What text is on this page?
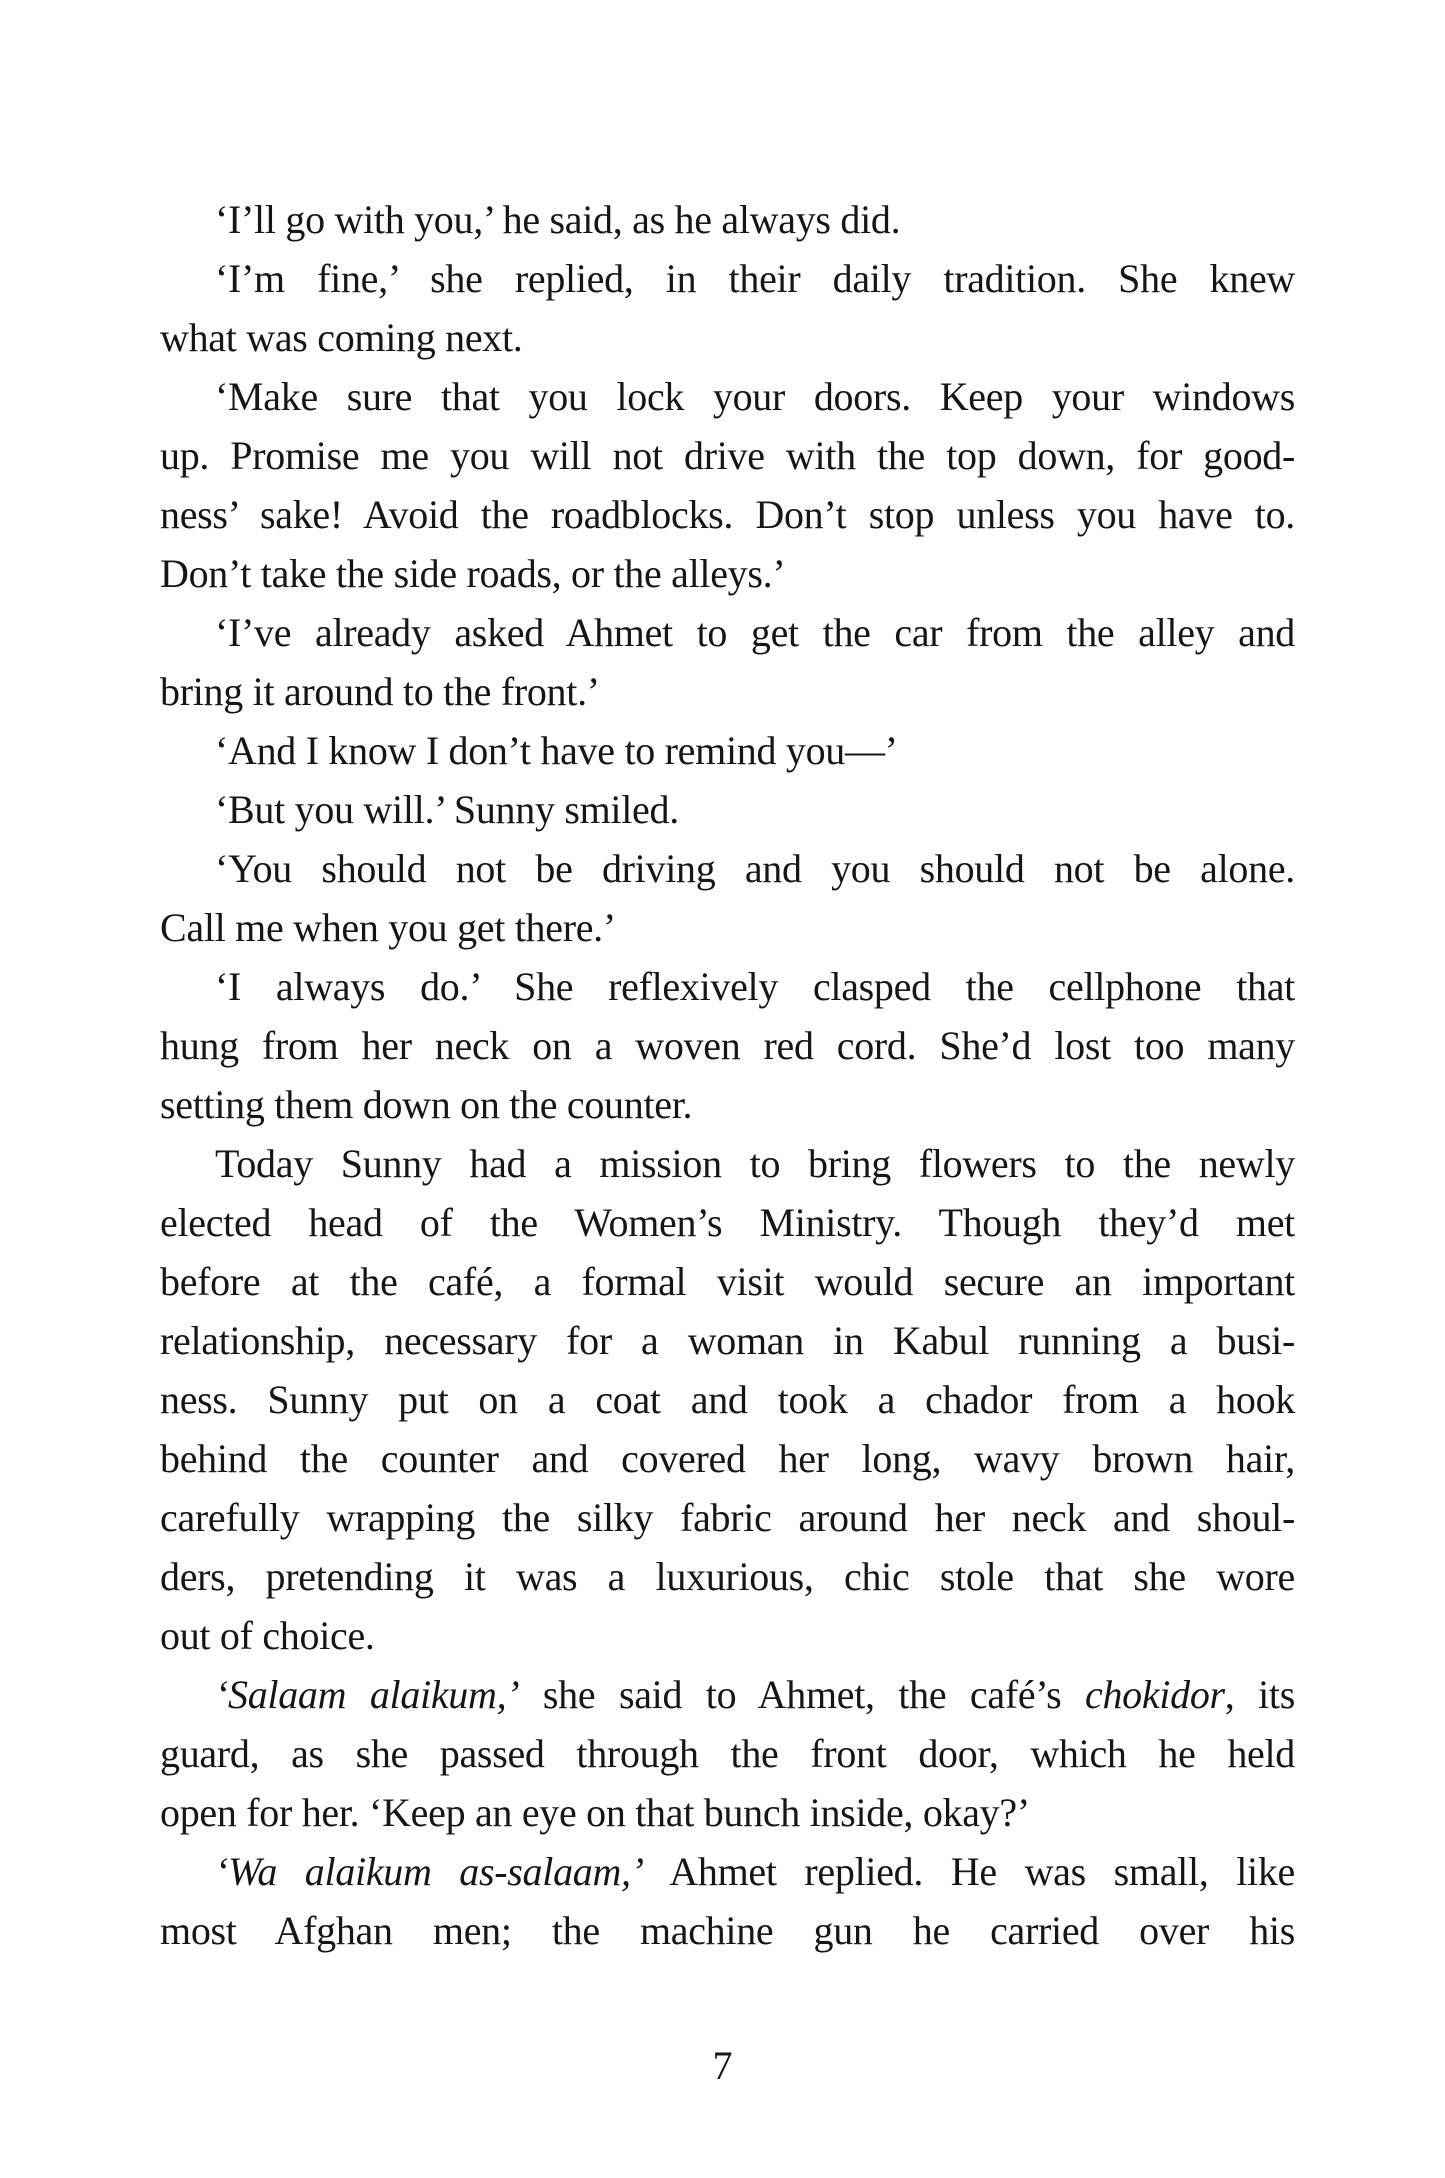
‘I’ll go with you,’ he said, as he always did.
‘I’m fine,’ she replied, in their daily tradition. She knew
what was coming next.
‘Make sure that you lock your doors. Keep your windows
up. Promise me you will not drive with the top down, for good-
ness’ sake! Avoid the roadblocks. Don’t stop unless you have to.
Don’t take the side roads, or the alleys.’
‘I’ve already asked Ahmet to get the car from the alley and
bring it around to the front.’
‘And I know I don’t have to remind you—’
‘But you will.’ Sunny smiled.
‘You should not be driving and you should not be alone.
Call me when you get there.’
‘I always do.’ She reflexively clasped the cellphone that
hung from her neck on a woven red cord. She’d lost too many
setting them down on the counter.
Today Sunny had a mission to bring flowers to the newly
elected head of the Women’s Ministry. Though they’d met
before at the café, a formal visit would secure an important
relationship, necessary for a woman in Kabul running a busi-
ness. Sunny put on a coat and took a chador from a hook
behind the counter and covered her long, wavy brown hair,
carefully wrapping the silky fabric around her neck and shoul-
ders, pretending it was a luxurious, chic stole that she wore
out of choice.
‘Salaam alaikum,’ she said to Ahmet, the café’s chokidor, its
guard, as she passed through the front door, which he held
open for her. ‘Keep an eye on that bunch inside, okay?’
‘Wa alaikum as-salaam,’ Ahmet replied. He was small, like
most Afghan men; the machine gun he carried over his
7
